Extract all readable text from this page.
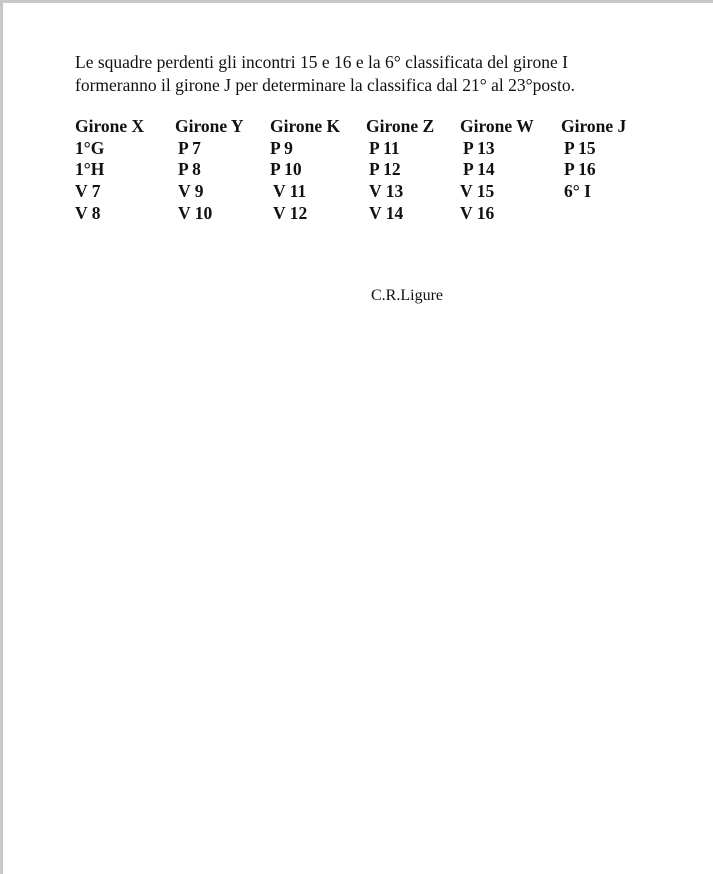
Le squadre perdenti gli incontri 15 e 16 e la 6° classificata del girone I
formeranno il girone J per determinare la classifica dal 21° al 23°posto.

Girone X
1°G
1°H
V 7
V 8
Girone Y
P 7
P 8
V 9
V 10
Girone K
P 9
P 10
V 11
V 12
Girone Z
P 11
P 12
V 13
V 14
Girone W
P 13
P 14
V 15
V 16
Girone J
P 15
P 16
6° I
C.R.Ligure
